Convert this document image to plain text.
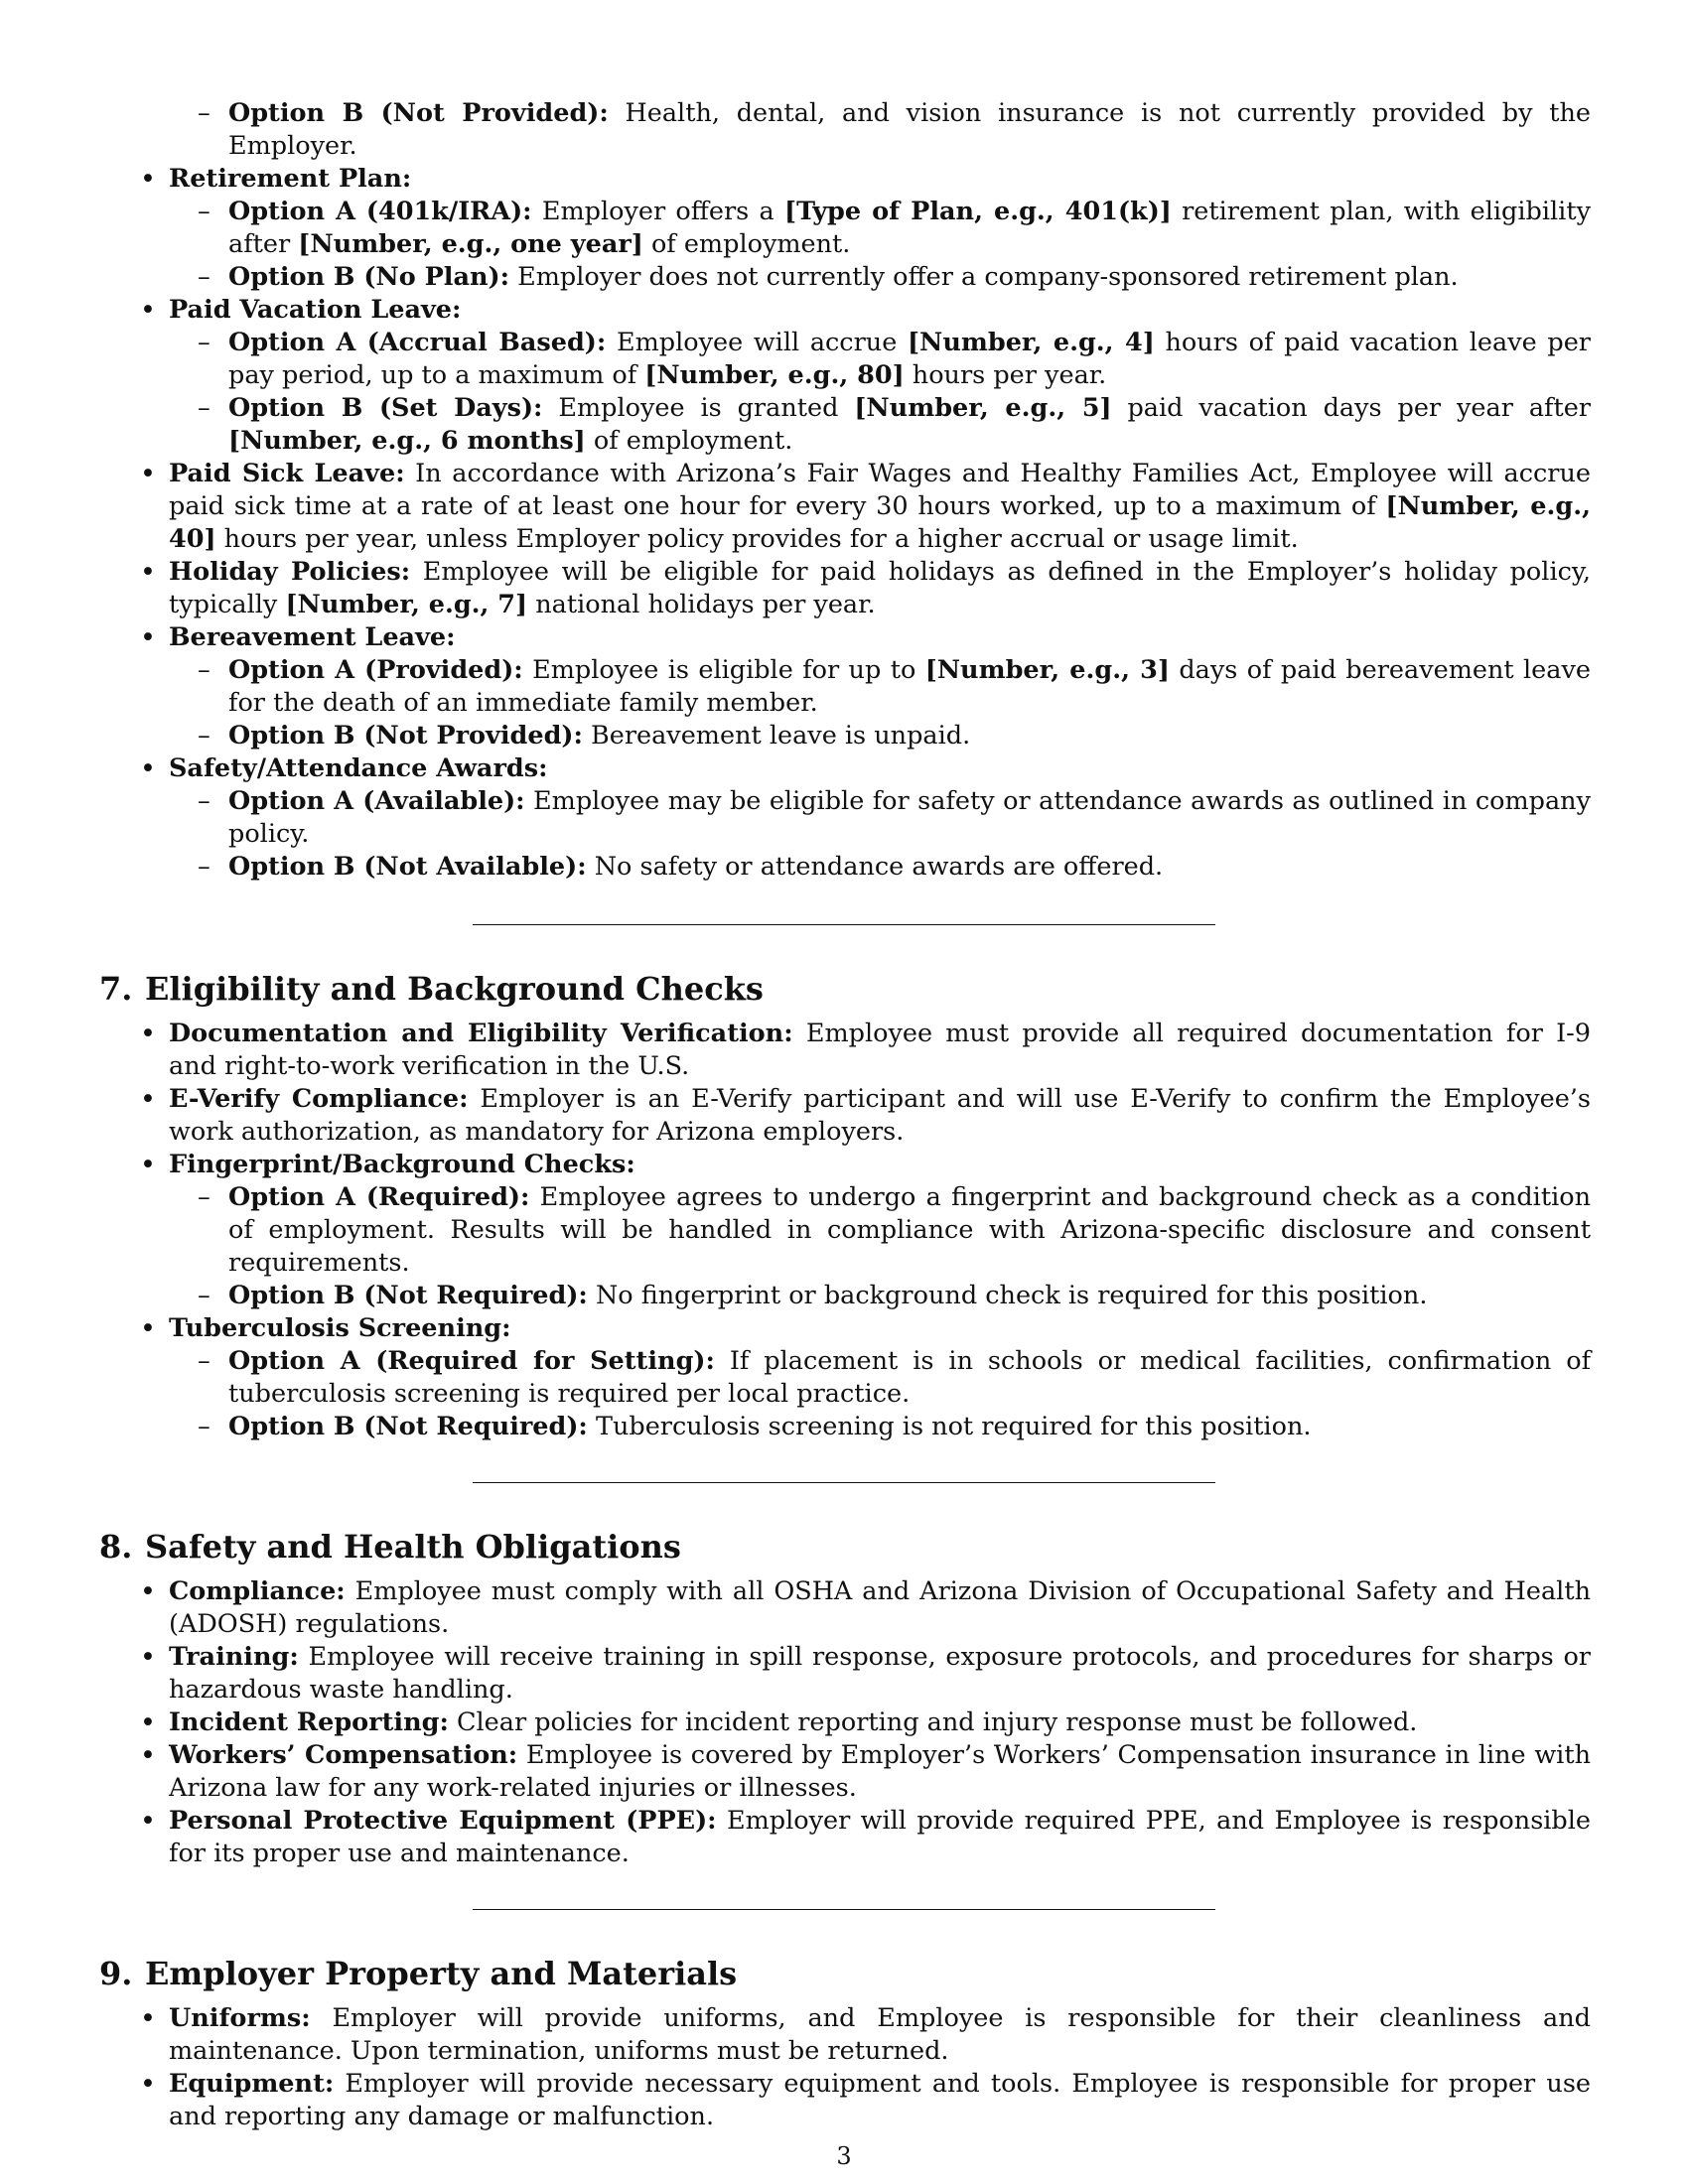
– Option B (Not Provided): Health, dental, and vision insurance is not currently provided by the Employer.
• Retirement Plan:
– Option A (401k/IRA): Employer offers a [Type of Plan, e.g., 401(k)] retirement plan, with eligibility after [Number, e.g., one year] of employment.
– Option B (No Plan): Employer does not currently offer a company-sponsored retirement plan.
• Paid Vacation Leave:
– Option A (Accrual Based): Employee will accrue [Number, e.g., 4] hours of paid vacation leave per pay period, up to a maximum of [Number, e.g., 80] hours per year.
– Option B (Set Days): Employee is granted [Number, e.g., 5] paid vacation days per year after [Number, e.g., 6 months] of employment.
• Paid Sick Leave: In accordance with Arizona’s Fair Wages and Healthy Families Act, Employee will accrue paid sick time at a rate of at least one hour for every 30 hours worked, up to a maximum of [Number, e.g., 40] hours per year, unless Employer policy provides for a higher accrual or usage limit.
• Holiday Policies: Employee will be eligible for paid holidays as defined in the Employer’s holiday policy, typically [Number, e.g., 7] national holidays per year.
• Bereavement Leave:
– Option A (Provided): Employee is eligible for up to [Number, e.g., 3] days of paid bereavement leave for the death of an immediate family member.
– Option B (Not Provided): Bereavement leave is unpaid.
• Safety/Attendance Awards:
– Option A (Available): Employee may be eligible for safety or attendance awards as outlined in company policy.
– Option B (Not Available): No safety or attendance awards are offered.
7. Eligibility and Background Checks
• Documentation and Eligibility Verification: Employee must provide all required documentation for I-9 and right-to-work verification in the U.S.
• E-Verify Compliance: Employer is an E-Verify participant and will use E-Verify to confirm the Employee’s work authorization, as mandatory for Arizona employers.
• Fingerprint/Background Checks:
– Option A (Required): Employee agrees to undergo a fingerprint and background check as a condition of employment. Results will be handled in compliance with Arizona-specific disclosure and consent requirements.
– Option B (Not Required): No fingerprint or background check is required for this position.
• Tuberculosis Screening:
– Option A (Required for Setting): If placement is in schools or medical facilities, confirmation of tuberculosis screening is required per local practice.
– Option B (Not Required): Tuberculosis screening is not required for this position.
8. Safety and Health Obligations
• Compliance: Employee must comply with all OSHA and Arizona Division of Occupational Safety and Health (ADOSH) regulations.
• Training: Employee will receive training in spill response, exposure protocols, and procedures for sharps or hazardous waste handling.
• Incident Reporting: Clear policies for incident reporting and injury response must be followed.
• Workers’ Compensation: Employee is covered by Employer’s Workers’ Compensation insurance in line with Arizona law for any work-related injuries or illnesses.
• Personal Protective Equipment (PPE): Employer will provide required PPE, and Employee is responsible for its proper use and maintenance.
9. Employer Property and Materials
• Uniforms: Employer will provide uniforms, and Employee is responsible for their cleanliness and maintenance. Upon termination, uniforms must be returned.
• Equipment: Employer will provide necessary equipment and tools. Employee is responsible for proper use and reporting any damage or malfunction.
3
